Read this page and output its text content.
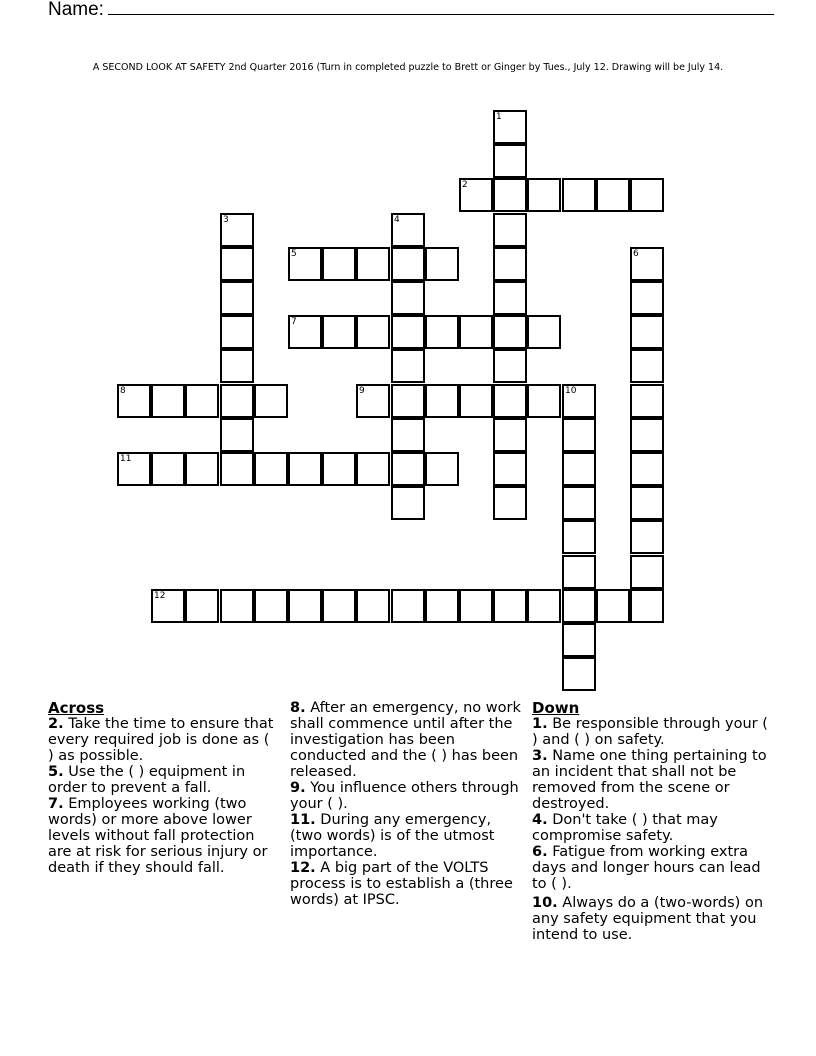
Name:
A SECOND LOOK AT SAFETY 2nd Quarter 2016 (Turn in completed puzzle to Brett or Ginger by Tues., July 12. Drawing will be July 14.
1
2
3	4
5	6
7
8	9	10
11
12
Across
2. Take the time to ensure that every required job is done as ( ) as possible.
5. Use the ( ) equipment in order to prevent a fall.
7. Employees working (two words) or more above lower levels without fall protection are at risk for serious injury or death if they should fall.
8. After an emergency, no work shall commence until after the investigation has been conducted and the ( ) has been released.
9. You influence others through your ( ).
11. During any emergency, (two words) is of the utmost importance.
12. A big part of the VOLTS process is to establish a (three words) at IPSC.
Down
1. Be responsible through your ( ) and ( ) on safety.
3. Name one thing pertaining to an incident that shall not be removed from the scene or destroyed.
4. Don't take ( ) that may compromise safety.
6. Fatigue from working extra days and longer hours can lead to ( ).
10. Always do a (two-words) on any safety equipment that you intend to use.
